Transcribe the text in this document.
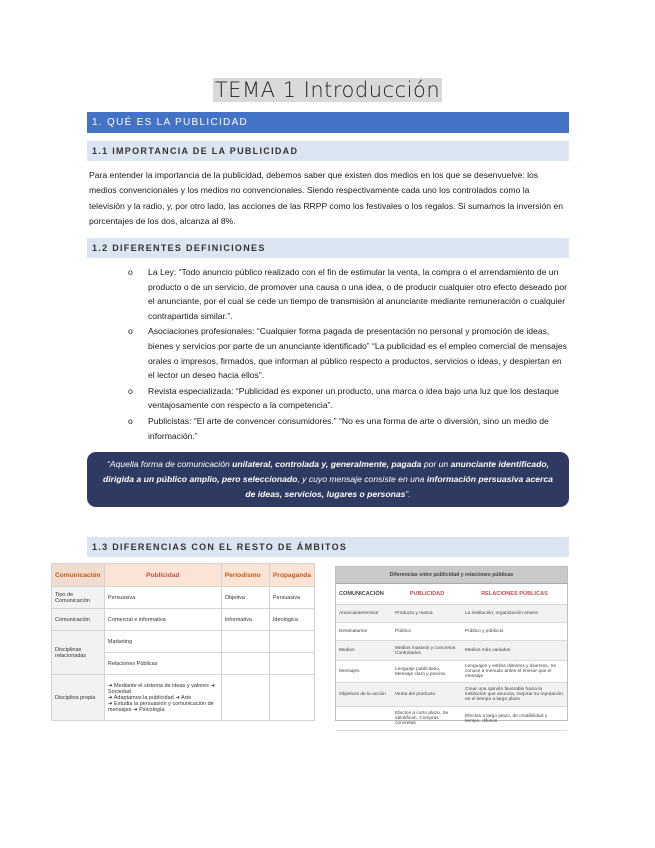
TEMA 1 Introducción
1. QUÉ ES LA PUBLICIDAD
1.1 IMPORTANCIA DE LA PUBLICIDAD
Para entender la importancia de la publicidad, debemos saber que existen dos medios en los que se desenvuelve: los medios convencionales y los medios no convencionales. Siendo respectivamente cada uno los controlados como la televisión y la radio, y, por otro lado, las acciones de las RRPP como los festivales o los regalos. Si sumamos la inversión en porcentajes de los dos, alcanza al 8%.
1.2 DIFERENTES DEFINICIONES
o La Ley: “Todo anuncio público realizado con el fin de estimular la venta, la compra o el arrendamiento de un producto o de un servicio, de promover una causa o una idea, o de producir cualquier otro efecto deseado por el anunciante, por el cual se cede un tiempo de transmisión al anunciante mediante remuneración o cualquier contrapartida similar.”.
o Asociaciones profesionales: “Cualquier forma pagada de presentación no personal y promoción de ideas, bienes y servicios por parte de un anunciante identificado” “La publicidad es el empleo comercial de mensajes orales o impresos, firmados, que informan al público respecto a productos, servicios o ideas, y despiertan en el lector un deseo hacia ellos”.
o Revista especializada: “Publicidad es exponer un producto, una marca o idea bajo una luz que los destaque ventajosamente con respecto a la competencia”.
o Publicistas: “El arte de convencer consumidores.” “No es una forma de arte o diversión, sino un medio de información.”
“Aquella forma de comunicación unilateral, controlada y, generalmente, pagada por un anunciante identificado, dirigida a un público amplio, pero seleccionado, y cuyo mensaje consiste en una información persuasiva acerca de ideas, servicios, lugares o personas”.
1.3 DIFERENCIAS CON EL RESTO DE ÁMBITOS
Comunicación	Publicidad	Periodismo	Propaganda
Tipo de Comunicación	Persuasiva	Objetiva	Persuasiva
Comunicación	Comercial e informativa	Informativa	Ideológica
Disciplinas relacionadas	Marketing		
	Relaciones Públicas		
Disciplina propia	➜ Mediante el sistema de ideas y valores ➜ Sociedad
➜ Adaptamos la publicidad ➜ Arte
➜ Estudia la persuasión y comunicación de mensajes ➜ Psicología		
Diferencias entre publicidad y relaciones públicas		
COMUNICACIÓN	PUBLICIDAD	RELACIONES PÚBLICAS
Anunciante/emisor	Producto y marca	La institución, organización entera
Destinatarios	Público	Público y públicos
Medios	Medios masivos y concretos Controlados	Medios más variados
Mensajes	Lenguaje publicitario, Mensaje claro y preciso	Lenguajes y estilos distintos y diversos, Se conoce a menudo antes el emisor que el mensaje
Objetivos de la acción	Venta del producto	Crear una opinión favorable hacia la institución que anuncia, mejorar su reputación en el tiempo a largo plazo
	Efectos a corto plazo, Se identifican, Compras concretas	Efectos a largo plazo, de credibilidad y tiempo, difusos
